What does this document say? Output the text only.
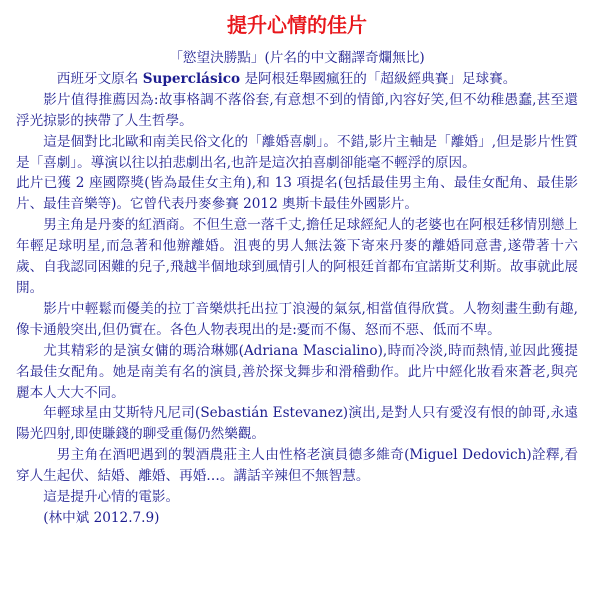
提升心情的佳片

「慾望決勝點」(片名的中文翻譯奇爛無比)

西班牙文原名 Superclásico 是阿根廷舉國瘋狂的「超級經典賽」足球賽。

影片值得推薦因為:故事格調不落俗套,有意想不到的情節,內容好笑,但不幼稚愚蠢,甚至還浮光掠影的挾帶了人生哲學。

這是個對比北歐和南美民俗文化的「離婚喜劇」。不錯,影片主軸是「離婚」,但是影片性質是「喜劇」。導演以往以拍悲劇出名,也許是這次拍喜劇卻能毫不輕浮的原因。

此片已獲 2 座國際獎(皆為最佳女主角),和 13 項提名(包括最佳男主角、最佳女配角、最佳影片、最佳音樂等)。它曾代表丹麥參賽 2012 奧斯卡最佳外國影片。

男主角是丹麥的紅酒商。不但生意一落千丈,擔任足球經紀人的老婆也在阿根廷移情別戀上年輕足球明星,而急著和他辦離婚。沮喪的男人無法簽下寄來丹麥的離婚同意書,遂帶著十六歲、自我認同困難的兒子,飛越半個地球到風情引人的阿根廷首都布宜諾斯艾利斯。故事就此展開。

影片中輕鬆而優美的拉丁音樂烘托出拉丁浪漫的氣氛,相當值得欣賞。人物刻畫生動有趣,像卡通般突出,但仍實在。各色人物表現出的是:憂而不傷、怒而不惡、低而不卑。

尤其精彩的是演女傭的瑪洽琳娜(Adriana Mascialino),時而冷淡,時而熱情,並因此獲提名最佳女配角。她是南美有名的演員,善於探戈舞步和滑稽動作。此片中經化妝看來蒼老,與亮麗本人大大不同。

年輕球星由艾斯特凡尼司(Sebastián Estevanez)演出,是對人只有愛沒有恨的帥哥,永遠陽光四射,即使賺錢的聊受重傷仍然樂觀。

男主角在酒吧遇到的製酒農莊主人由性格老演員德多維奇(Miguel Dedovich)詮釋,看穿人生起伏、結婚、離婚、再婚…。講話辛辣但不無智慧。

這是提升心情的電影。

(林中斌 2012.7.9)
